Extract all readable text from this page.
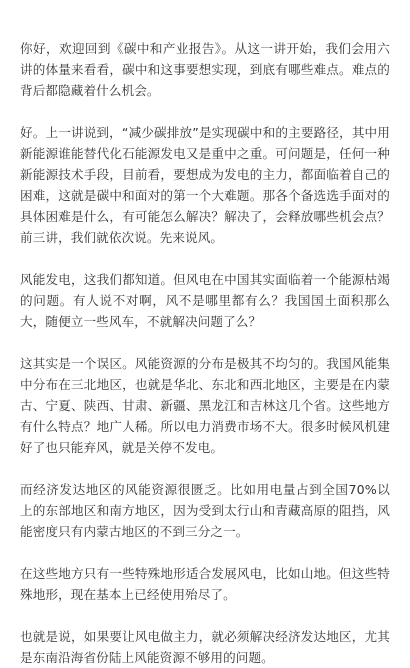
你好，欢迎回到《碳中和产业报告》。从这一讲开始，我们会用六讲的体量来看看，碳中和这事要想实现，到底有哪些难点。难点的背后都隐藏着什么机会。

好。上一讲说到，“减少碳排放”是实现碳中和的主要路径，其中用新能源谁能替代化石能源发电又是重中之重。可问题是，任何一种新能源技术手段，目前看，要想成为发电的主力，都面临着自己的困难，这就是碳中和面对的第一个大难题。那各个备选选手面对的具体困难是什么，有可能怎么解决？解决了，会释放哪些机会点？前三讲，我们就依次说。先来说风。

风能发电，这我们都知道。但风电在中国其实面临着一个能源枯竭的问题。有人说不对啊，风不是哪里都有么？我国国土面积那么大，随便立一些风车，不就解决问题了么？

这其实是一个误区。风能资源的分布是极其不均匀的。我国风能集中分布在三北地区，也就是华北、东北和西北地区，主要是在内蒙古、宁夏、陕西、甘肃、新疆、黑龙江和吉林这几个省。这些地方有什么特点？地广人稀。所以电力消费市场不大。很多时候风机建好了也只能弃风，就是关停不发电。

而经济发达地区的风能资源很匮乏。比如用电量占到全国70%以上的东部地区和南方地区，因为受到太行山和青藏高原的阻挡，风能密度只有内蒙古地区的不到三分之一。

在这些地方只有一些特殊地形适合发展风电，比如山地。但这些特殊地形，现在基本上已经使用殆尽了。

也就是说，如果要让风电做主力，就必须解决经济发达地区，尤其是东南沿海省份陆上风能资源不够用的问题。
